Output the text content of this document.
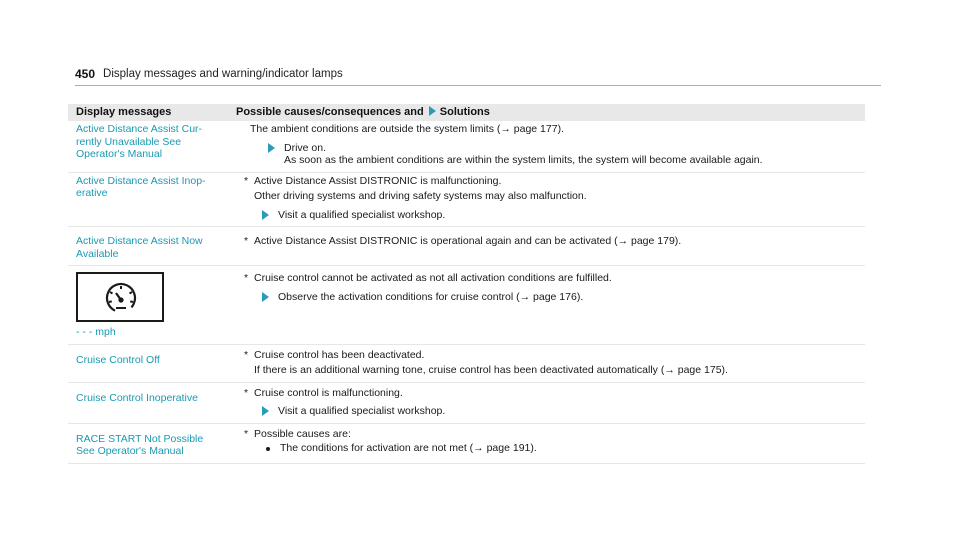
450 Display messages and warning/indicator lamps
Display messages	Possible causes/consequences and Solutions

Active Distance Assist Cur-
rently Unavailable See
Operator's Manual	The ambient conditions are outside the system limits (→ page 177).
Drive on.
As soon as the ambient conditions are within the system limits, the system will become available again.

Active Distance Assist Inop-
erative	* Active Distance Assist DISTRONIC is malfunctioning.
Other driving systems and driving safety systems may also malfunction.
Visit a qualified specialist workshop.

Active Distance Assist Now
Available	* Active Distance Assist DISTRONIC is operational again and can be activated (→ page 179).

- - - mph	* Cruise control cannot be activated as not all activation conditions are fulfilled.
Observe the activation conditions for cruise control (→ page 176).

Cruise Control Off	* Cruise control has been deactivated.
If there is an additional warning tone, cruise control has been deactivated automatically (→ page 175).

Cruise Control Inoperative	* Cruise control is malfunctioning.
Visit a qualified specialist workshop.

RACE START Not Possible
See Operator's Manual	* Possible causes are:
The conditions for activation are not met (→ page 191).
